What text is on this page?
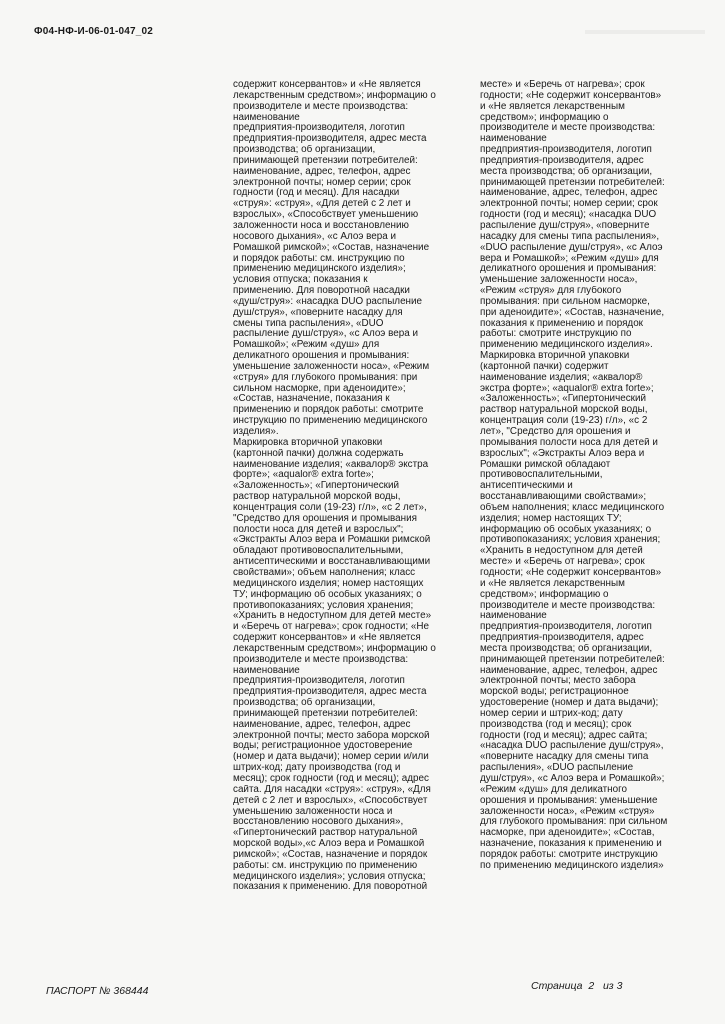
Ф04-НФ-И-06-01-047_02
содержит консервантов» и «Не является
лекарственным средством»; информацию о
производителе и месте производства:
наименование
предприятия-производителя, логотип
предприятия-производителя, адрес места
производства; об организации,
принимающей претензии потребителей:
наименование, адрес, телефон, адрес
электронной почты; номер серии; срок
годности (год и месяц). Для насадки
«струя»: «струя», «Для детей с 2 лет и
взрослых», «Способствует уменьшению
заложенности носа и восстановлению
носового дыхания», «с Алоэ вера и
Ромашкой римской»; «Состав, назначение
и порядок работы: см. инструкцию по
применению медицинского изделия»;
условия отпуска; показания к
применению. Для поворотной насадки
«душ/струя»: «насадка DUO распыление
душ/струя», «поверните насадку для
смены типа распыления», «DUO
распыление душ/струя», «с Алоэ вера и
Ромашкой»; «Режим «душ» для
деликатного орошения и промывания:
уменьшение заложенности носа», «Режим
«струя» для глубокого промывания: при
сильном насморке, при аденоидите»;
«Состав, назначение, показания к
применению и порядок работы: смотрите
инструкцию по применению медицинского
изделия».
Маркировка вторичной упаковки
(картонной пачки) должна содержать
наименование изделия; «аквалор® экстра
форте»; «aqualor® extra forte»;
«Заложенность»; «Гипертонический
раствор натуральной морской воды,
концентрация соли (19-23) г/л», «с 2 лет»,
"Средство для орошения и промывания
полости носа для детей и взрослых";
«Экстракты Алоэ вера и Ромашки римской
обладают противовоспалительными,
антисептическими и восстанавливающими
свойствами»; объем наполнения; класс
медицинского изделия; номер настоящих
ТУ; информацию об особых указаниях; о
противопоказаниях; условия хранения;
«Хранить в недоступном для детей месте»
и «Беречь от нагрева»; срок годности; «Не
содержит консервантов» и «Не является
лекарственным средством»; информацию о
производителе и месте производства:
наименование
предприятия-производителя, логотип
предприятия-производителя, адрес места
производства; об организации,
принимающей претензии потребителей:
наименование, адрес, телефон, адрес
электронной почты; место забора морской
воды; регистрационное удостоверение
(номер и дата выдачи); номер серии и/или
штрих-код; дату производства (год и
месяц); срок годности (год и месяц); адрес
сайта. Для насадки «струя»: «струя», «Для
детей с 2 лет и взрослых», «Способствует
уменьшению заложенности носа и
восстановлению носового дыхания»,
«Гипертонический раствор натуральной
морской воды»,«с Алоэ вера и Ромашкой
римской»; «Состав, назначение и порядок
работы: см. инструкцию по применению
медицинского изделия»; условия отпуска;
показания к применению. Для поворотной
месте» и «Беречь от нагрева»; срок
годности; «Не содержит консервантов»
и «Не является лекарственным
средством»; информацию о
производителе и месте производства:
наименование
предприятия-производителя, логотип
предприятия-производителя, адрес
места производства; об организации,
принимающей претензии потребителей:
наименование, адрес, телефон, адрес
электронной почты; номер серии; срок
годности (год и месяц); «насадка DUO
распыление душ/струя», «поверните
насадку для смены типа распыления»,
«DUO распыление душ/струя», «с Алоэ
вера и Ромашкой»; «Режим «душ» для
деликатного орошения и промывания:
уменьшение заложенности носа»,
«Режим «струя» для глубокого
промывания: при сильном насморке,
при аденоидите»; «Состав, назначение,
показания к применению и порядок
работы: смотрите инструкцию по
применению медицинского изделия».
Маркировка вторичной упаковки
(картонной пачки) содержит
наименование изделия; «аквалор®
экстра форте»; «aqualor® extra forte»;
«Заложенность»; «Гипертонический
раствор натуральной морской воды,
концентрация соли (19-23) г/л», «с 2
лет», "Средство для орошения и
промывания полости носа для детей и
взрослых"; «Экстракты Алоэ вера и
Ромашки римской обладают
противовоспалительными,
антисептическими и
восстанавливающими свойствами»;
объем наполнения; класс медицинского
изделия; номер настоящих ТУ;
информацию об особых указаниях; о
противопоказаниях; условия хранения;
«Хранить в недоступном для детей
месте» и «Беречь от нагрева»; срок
годности; «Не содержит консервантов»
и «Не является лекарственным
средством»; информацию о
производителе и месте производства:
наименование
предприятия-производителя, логотип
предприятия-производителя, адрес
места производства; об организации,
принимающей претензии потребителей:
наименование, адрес, телефон, адрес
электронной почты; место забора
морской воды; регистрационное
удостоверение (номер и дата выдачи);
номер серии и штрих-код; дату
производства (год и месяц); срок
годности (год и месяц); адрес сайта;
«насадка DUO распыление душ/струя»,
«поверните насадку для смены типа
распыления», «DUO распыление
душ/струя», «с Алоэ вера и Ромашкой»;
«Режим «душ» для деликатного
орошения и промывания: уменьшение
заложенности носа», «Режим «струя»
для глубокого промывания: при сильном
насморке, при аденоидите»; «Состав,
назначение, показания к применению и
порядок работы: смотрите инструкцию
по применению медицинского изделия»
ПАСПОРТ № 368444	Страница 2 из 3
